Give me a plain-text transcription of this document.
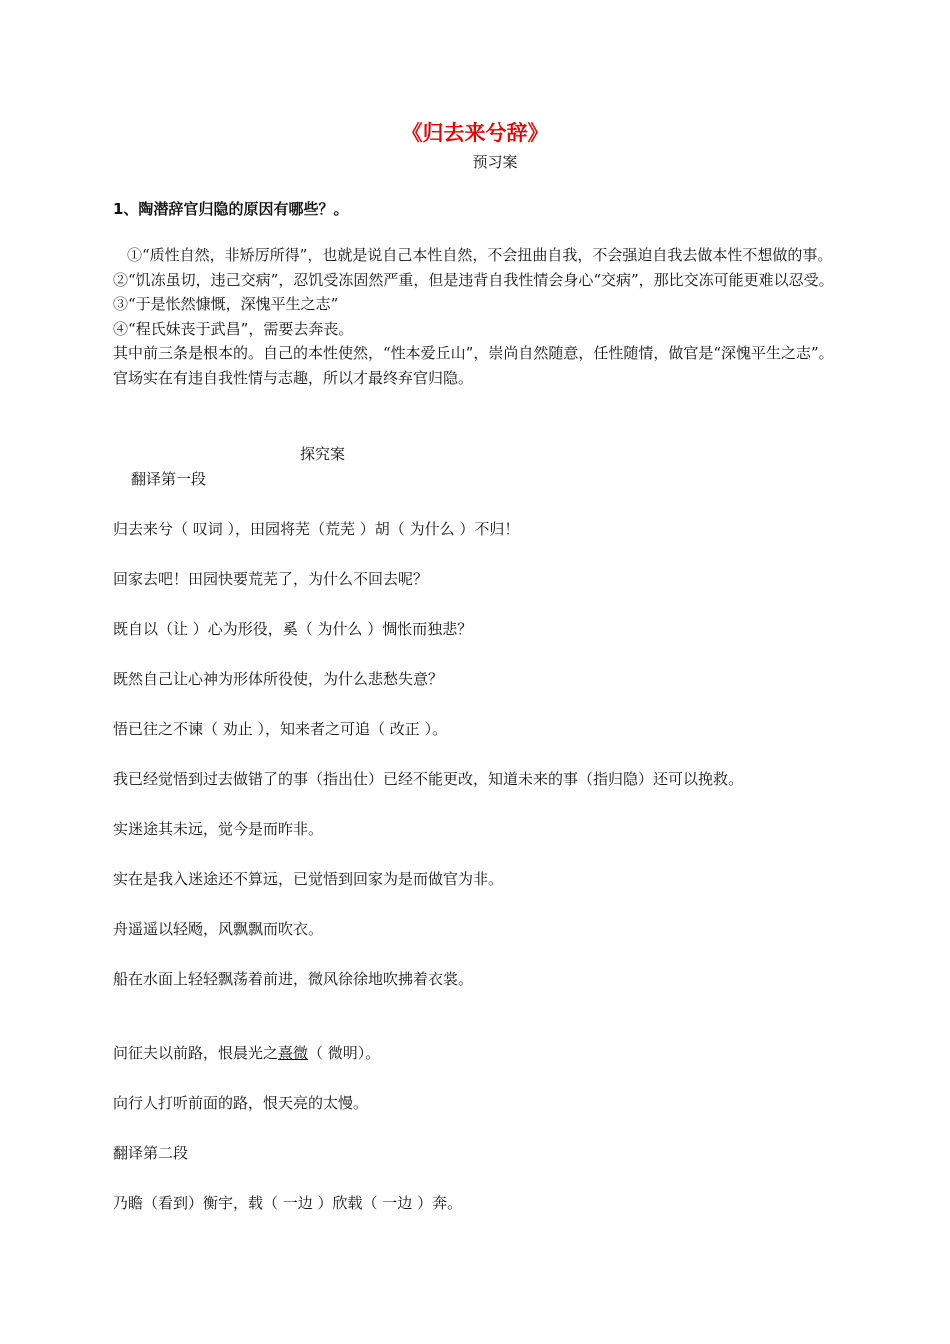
《归去来兮辞》
预习案
1、陶潜辞官归隐的原因有哪些？。

①“质性自然，非矫厉所得”，也就是说自己本性自然，不会扭曲自我，不会强迫自我去做本性不想做的事。

②“饥冻虽切，违己交病”，忍饥受冻固然严重，但是违背自我性情会身心“交病”，那比交冻可能更难以忍受。

③“于是怅然慷慨，深愧平生之志”

④“程氏妹丧于武昌”，需要去奔丧。

其中前三条是根本的。自己的本性使然，“性本爱丘山”，崇尚自然随意，任性随情，做官是“深愧平生之志”。官场实在有违自我性情与志趣，所以才最终弃官归隐。

探究案
翻译第一段
归去来兮（ 叹词 ），田园将芜（荒芜 ）胡（ 为什么 ）不归！
回家去吧！田园快要荒芜了，为什么不回去呢？
既自以（让 ）心为形役，奚（ 为什么 ）惆怅而独悲？
既然自己让心神为形体所役使，为什么悲愁失意？
悟已往之不谏（ 劝止 ），知来者之可追（ 改正 ）。
我已经觉悟到过去做错了的事（指出仕）已经不能更改，知道未来的事（指归隐）还可以挽救。
实迷途其未远，觉今是而昨非。
实在是我入迷途还不算远，已觉悟到回家为是而做官为非。
舟遥遥以轻飏，风飘飘而吹衣。
船在水面上轻轻飘荡着前进，微风徐徐地吹拂着衣裳。
问征夫以前路，恨晨光之熹微（ 微明）。
向行人打听前面的路，恨天亮的太慢。
翻译第二段
乃瞻（看到）衡宇，载（ 一边 ）欣载（ 一边 ）奔。
